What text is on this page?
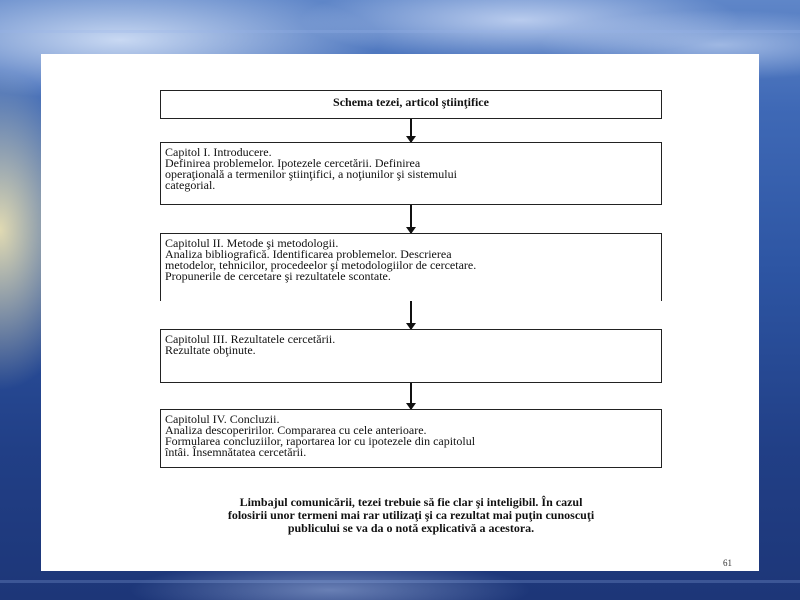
Schema tezei, articol ştiinţifice
Capitol I. Introducere.
Definirea problemelor. Ipotezele cercetării. Definirea
operaţională a termenilor ştiinţifici, a noţiunilor şi sistemului
categorial.
Capitolul II. Metode şi metodologii.
Analiza bibliografică. Identificarea problemelor. Descrierea
metodelor, tehnicilor, procedeelor şi metodologiilor de cercetare.
Propunerile de cercetare şi rezultatele scontate.
Capitolul III. Rezultatele cercetării.
Rezultate obţinute.
Capitolul IV. Concluzii.
Analiza descoperirilor. Compararea cu cele anterioare.
Formularea concluziilor, raportarea lor cu ipotezele din capitolul
întâi. Însemnătatea cercetării.
Limbajul comunicării, tezei trebuie să fie clar şi inteligibil. În cazul
folosirii unor termeni mai rar utilizaţi şi ca rezultat mai puţin cunoscuţi
publicului se va da o notă explicativă a acestora.
61
